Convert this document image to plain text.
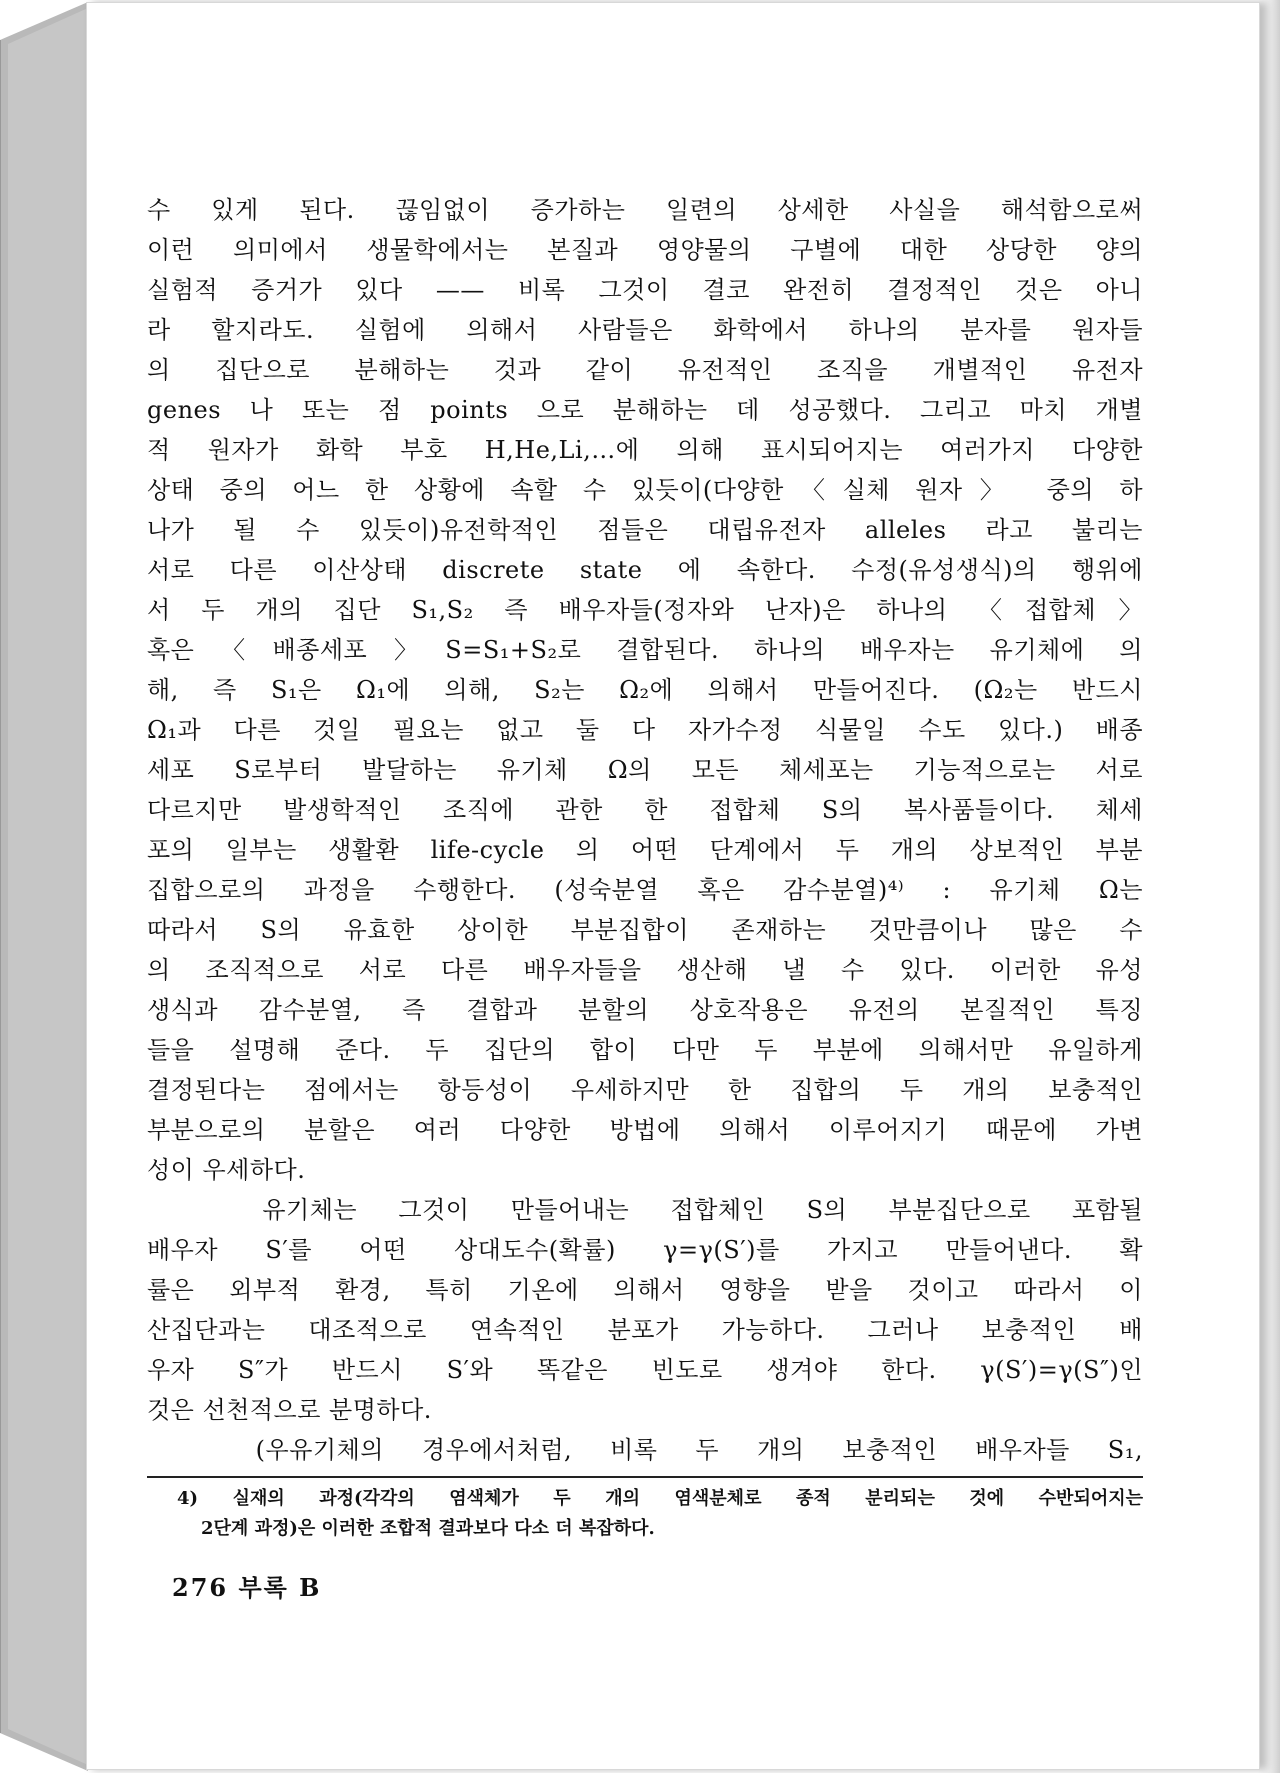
수 있게 된다. 끊임없이 증가하는 일련의 상세한 사실을 해석함으로써
이런 의미에서 생물학에서는 본질과 영양물의 구별에 대한 상당한 양의
실험적 증거가 있다 —— 비록 그것이 결코 완전히 결정적인 것은 아니
라 할지라도. 실험에 의해서 사람들은 화학에서 하나의 분자를 원자들
의 집단으로 분해하는 것과 같이 유전적인 조직을 개별적인 유전자
genes 나 또는 점 points 으로 분해하는 데 성공했다. 그리고 마치 개별
적 원자가 화학 부호 H,He,Li,…에 의해 표시되어지는 여러가지 다양한
상태 중의 어느 한 상황에 속할 수 있듯이(다양한〈실체 원자〉 중의 하
나가 될 수 있듯이)유전학적인 점들은 대립유전자 alleles 라고 불리는
서로 다른 이산상태 discrete state 에 속한다. 수정(유성생식)의 행위에
서 두 개의 집단 S₁,S₂ 즉 배우자들(정자와 난자)은 하나의 〈접합체〉
혹은〈배종세포〉S=S₁+S₂로 결합된다. 하나의 배우자는 유기체에 의
해, 즉 S₁은 Ω₁에 의해, S₂는 Ω₂에 의해서 만들어진다. (Ω₂는 반드시
Ω₁과 다른 것일 필요는 없고 둘 다 자가수정 식물일 수도 있다.) 배종
세포 S로부터 발달하는 유기체 Ω의 모든 체세포는 기능적으로는 서로
다르지만 발생학적인 조직에 관한 한 접합체 S의 복사품들이다. 체세
포의 일부는 생활환 life-cycle 의 어떤 단계에서 두 개의 상보적인 부분
집합으로의 과정을 수행한다. (성숙분열 혹은 감수분열)⁴⁾ : 유기체 Ω는
따라서 S의 유효한 상이한 부분집합이 존재하는 것만큼이나 많은 수
의 조직적으로 서로 다른 배우자들을 생산해 낼 수 있다. 이러한 유성
생식과 감수분열, 즉 결합과 분할의 상호작용은 유전의 본질적인 특징
들을 설명해 준다. 두 집단의 합이 다만 두 부분에 의해서만 유일하게
결정된다는 점에서는 항등성이 우세하지만 한 집합의 두 개의 보충적인
부분으로의 분할은 여러 다양한 방법에 의해서 이루어지기 때문에 가변
성이 우세하다.
　　유기체는 그것이 만들어내는 접합체인 S의 부분집단으로 포함될
배우자 S′를 어떤 상대도수(확률) γ=γ(S′)를 가지고 만들어낸다. 확
률은 외부적 환경, 특히 기온에 의해서 영향을 받을 것이고 따라서 이
산집단과는 대조적으로 연속적인 분포가 가능하다. 그러나 보충적인 배
우자 S″가 반드시 S′와 똑같은 빈도로 생겨야 한다. γ(S′)=γ(S″)인
것은 선천적으로 분명하다.
　　(우유기체의 경우에서처럼, 비록 두 개의 보충적인 배우자들 S₁,
4) 실재의 과정(각각의 염색체가 두 개의 염색분체로 종적 분리되는 것에 수반되어지는
2단계 과정)은 이러한 조합적 결과보다 다소 더 복잡하다.
276 부록 B
